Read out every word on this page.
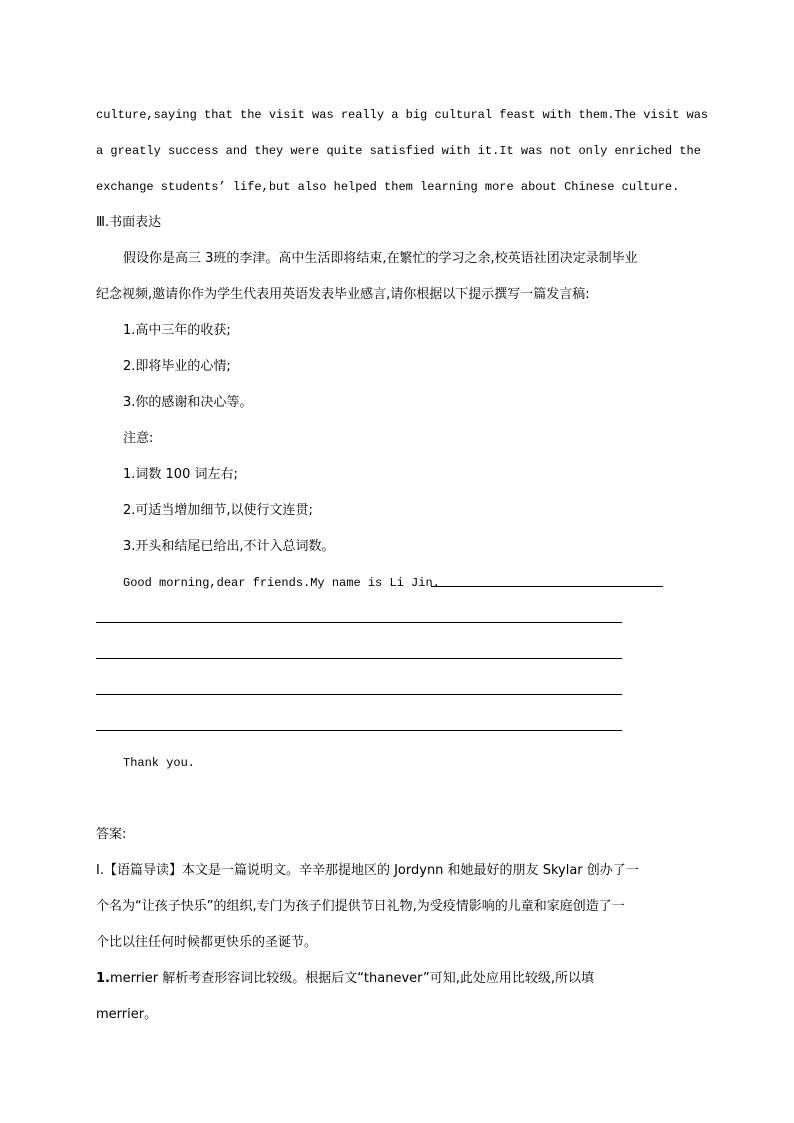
culture,saying that the visit was really a big cultural feast with them.The visit was
a greatly success and they were quite satisfied with it.It was not only enriched the
exchange students’ life,but also helped them learning more about Chinese culture.
Ⅲ.书面表达
假设你是高三 3班的李津。高中生活即将结束,在繁忙的学习之余,校英语社团决定录制毕业
纪念视频,邀请你作为学生代表用英语发表毕业感言,请你根据以下提示撰写一篇发言稿:
1.高中三年的收获;
2.即将毕业的心情;
3.你的感谢和决心等。
注意:
1.词数 100 词左右;
2.可适当增加细节,以使行文连贯;
3.开头和结尾已给出,不计入总词数。
Good morning,dear friends.My name is Li Jin.
Thank you.
答案:
Ⅰ.【语篇导读】本文是一篇说明文。辛辛那提地区的 Jordynn 和她最好的朋友 Skylar 创办了一
个名为“让孩子快乐”的组织,专门为孩子们提供节日礼物,为受疫情影响的儿童和家庭创造了一
个比以往任何时候都更快乐的圣诞节。
1.merrier 解析考查形容词比较级。根据后文“thanever”可知,此处应用比较级,所以填
merrier。
